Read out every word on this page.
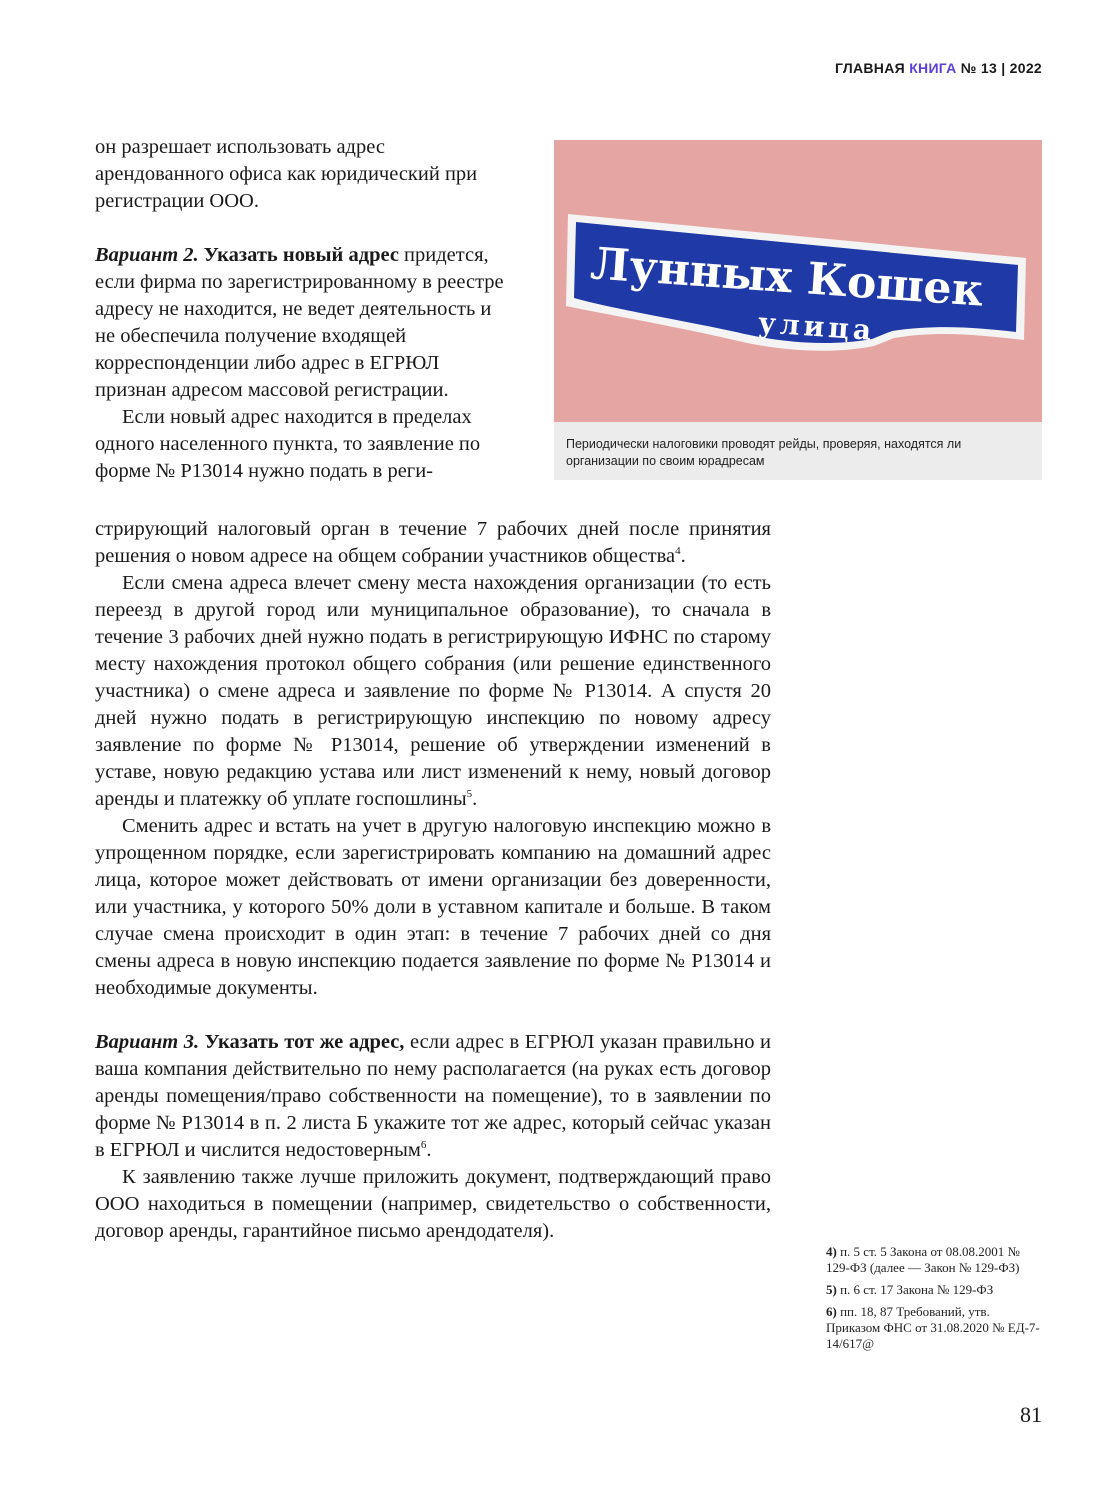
ГЛАВНАЯ КНИГА № 13 | 2022

он разрешает использовать адрес арендованного офиса как юридический при регистрации ООО.

Вариант 2. Указать новый адрес придется, если фирма по зарегистрированному в реестре адресу не находится, не ведет деятельность и не обеспечила получение входящей корреспонденции либо адрес в ЕГРЮЛ признан адресом массовой регистрации.

Если новый адрес находится в пределах одного населенного пункта, то заявление по форме № Р13014 нужно подать в реги-

Лунных Кошек
улица
Периодически налоговики проводят рейды, проверяя, находятся ли организации по своим юрадресам

стрирующий налоговый орган в течение 7 рабочих дней после принятия решения о новом адресе на общем собрании участников общества$^4$.

Если смена адреса влечет смену места нахождения организации (то есть переезд в другой город или муниципальное образование), то сначала в течение 3 рабочих дней нужно подать в регистрирующую ИФНС по старому месту нахождения протокол общего собрания (или решение единственного участника) о смене адреса и заявление по форме № Р13014. А спустя 20 дней нужно подать в регистрирующую инспекцию по новому адресу заявление по форме № Р13014, решение об утверждении изменений в уставе, новую редакцию устава или лист изменений к нему, новый договор аренды и платежку об уплате госпошлины$^5$.

Сменить адрес и встать на учет в другую налоговую инспекцию можно в упрощенном порядке, если зарегистрировать компанию на домашний адрес лица, которое может действовать от имени организации без доверенности, или участника, у которого 50% доли в уставном капитале и больше. В таком случае смена происходит в один этап: в течение 7 рабочих дней со дня смены адреса в новую инспекцию подается заявление по форме № Р13014 и необходимые документы.

Вариант 3. Указать тот же адрес, если адрес в ЕГРЮЛ указан правильно и ваша компания действительно по нему располагается (на руках есть договор аренды помещения/право собственности на помещение), то в заявлении по форме № Р13014 в п. 2 листа Б укажите тот же адрес, который сейчас указан в ЕГРЮЛ и числится недостоверным$^6$.

К заявлению также лучше приложить документ, подтверждающий право ООО находиться в помещении (например, свидетельство о собственности, договор аренды, гарантийное письмо арендодателя).

4) п. 5 ст. 5 Закона от 08.08.2001 № 129-ФЗ (далее — Закон № 129-ФЗ)

5) п. 6 ст. 17 Закона № 129-ФЗ

6) пп. 18, 87 Требований, утв. Приказом ФНС от 31.08.2020 № ЕД-7-14/617@

81
